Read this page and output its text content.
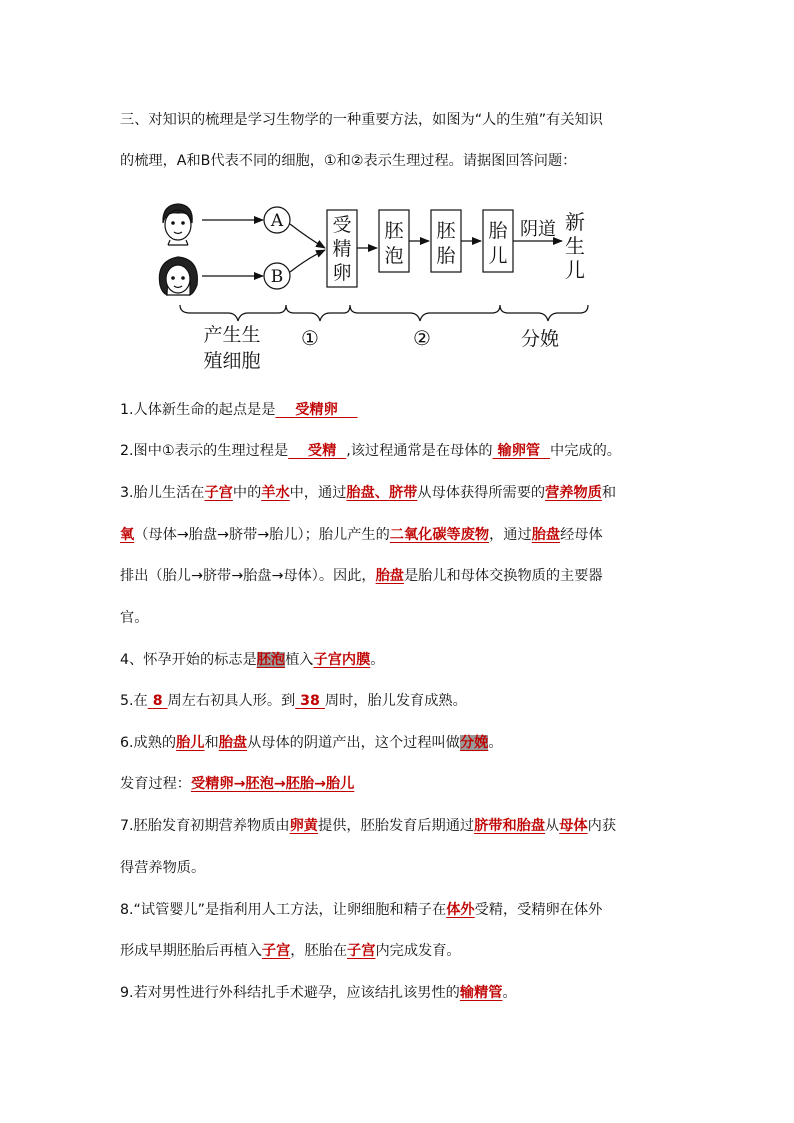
三、对知识的梳理是学习生物学的一种重要方法，如图为“人的生殖”有关知识
的梳理，A和B代表不同的细胞，①和②表示生理过程。请据图回答问题：
A
B
受
精
卵
胚
泡
胚
胎
胎
儿
阴道 新
生
儿
产生生
殖细胞
①	②	分娩
1.人体新生命的起点是是 受精卵
2.图中①表示的生理过程是 受精 ,该过程通常是在母体的 输卵管 中完成的。
3.胎儿生活在子宫中的羊水中，通过胎盘、脐带从母体获得所需要的营养物质和
氧（母体→胎盘→脐带→胎儿）；胎儿产生的二氧化碳等废物，通过胎盘经母体
排出（胎儿→脐带→胎盘→母体）。因此，胎盘是胎儿和母体交换物质的主要器
官。
4、怀孕开始的标志是胚泡植入子宫内膜。
5.在 8 周左右初具人形。到 38 周时，胎儿发育成熟。
6.成熟的胎儿和胎盘从母体的阴道产出，这个过程叫做分娩。
发育过程：受精卵→胚泡→胚胎→胎儿
7.胚胎发育初期营养物质由卵黄提供，胚胎发育后期通过脐带和胎盘从母体内获
得营养物质。
8.“试管婴儿”是指利用人工方法，让卵细胞和精子在体外受精，受精卵在体外
形成早期胚胎后再植入子宫，胚胎在子宫内完成发育。
9.若对男性进行外科结扎手术避孕，应该结扎该男性的输精管。
